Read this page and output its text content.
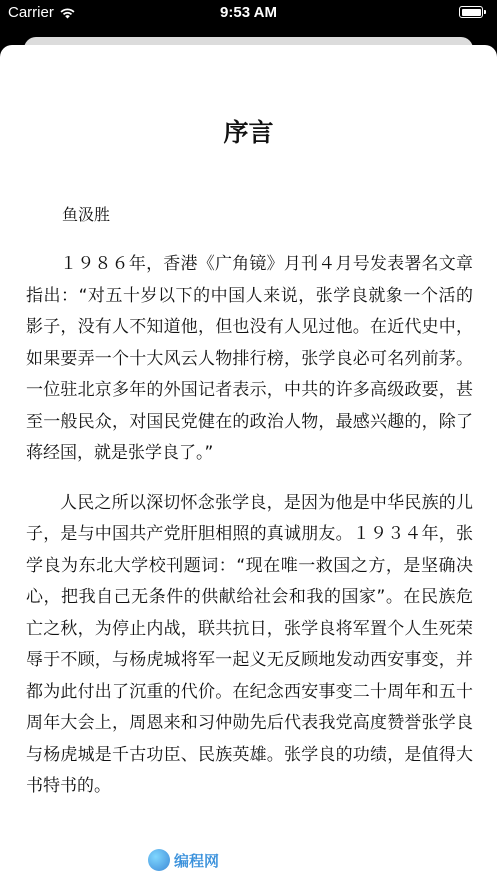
Carrier	9:53 AM
序言
鱼汲胜

１９８６年，香港《广角镜》月刊４月号发表署名文章指出：“对五十岁以下的中国人来说，张学良就象一个活的影子，没有人不知道他，但也没有人见过他。在近代史中，如果要弄一个十大风云人物排行榜，张学良必可名列前茅。一位驻北京多年的外国记者表示，中共的许多高级政要，甚至一般民众，对国民党健在的政治人物，最感兴趣的，除了蒋经国，就是张学良了。”

人民之所以深切怀念张学良，是因为他是中华民族的儿子，是与中国共产党肝胆相照的真诚朋友。１９３４年，张学良为东北大学校刊题词：“现在唯一救国之方，是坚确决心，把我自己无条件的供献给社会和我的国家”。在民族危亡之秋，为停止内战，联共抗日，张学良将军置个人生死荣辱于不顾，与杨虎城将军一起义无反顾地发动西安事变，并都为此付出了沉重的代价。在纪念西安事变二十周年和五十周年大会上，周恩来和习仲勋先后代表我党高度赞誉张学良与杨虎城是千古功臣、民族英雄。张学良的功绩，是值得大书特书的。

编程网
